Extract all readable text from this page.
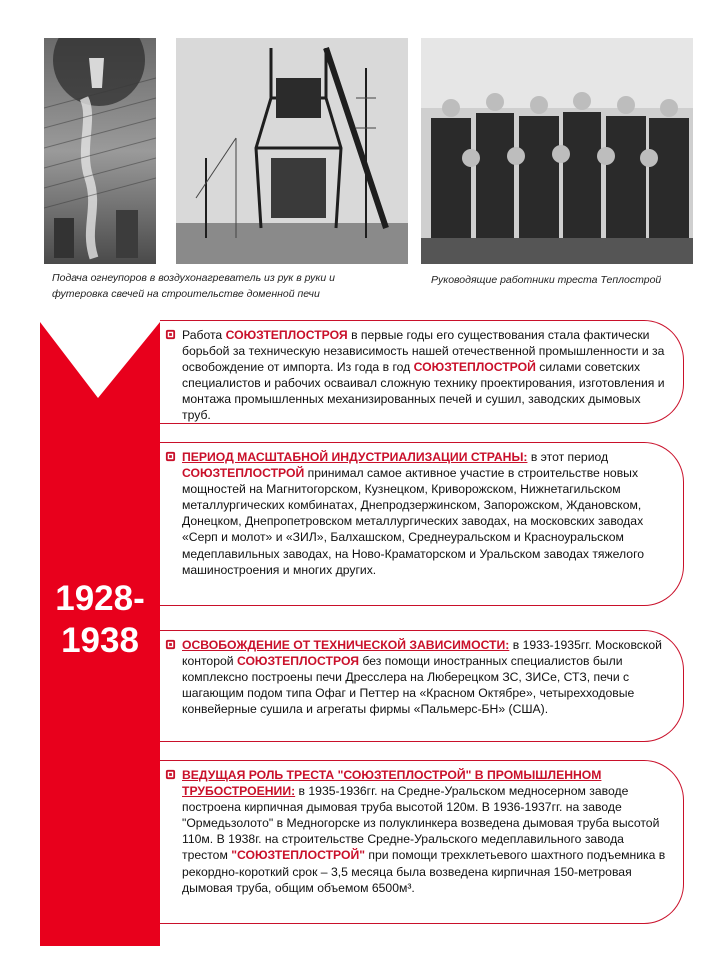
Подача огнеупоров в воздухонагреватель из рук в руки и футеровка свечей на строительстве доменной печи
Руководящие работники треста Теплострой
1928-
1938
Работа СОЮЗТЕПЛОСТРОЯ в первые годы его существования стала фактически борьбой за техническую независимость нашей отечественной промышленности и за освобождение от импорта. Из года в год СОЮЗТЕПЛОСТРОЙ силами советских специалистов и рабочих осваивал сложную технику проектирования, изготовления и монтажа промышленных механизированных печей и сушил, заводских дымовых труб.
ПЕРИОД МАСШТАБНОЙ ИНДУСТРИАЛИЗАЦИИ СТРАНЫ: в этот период СОЮЗТЕПЛОСТРОЙ принимал самое активное участие в строительстве новых мощностей на Магнитогорском, Кузнецком, Криворожском, Нижнетагильском металлургических комбинатах, Днепродзержинском, Запорожском, Ждановском, Донецком, Днепропетровском металлургических заводах, на московских заводах «Серп и молот» и «ЗИЛ», Балхашском, Среднеуральском и Красноуральском медеплавильных заводах, на Ново-Краматорском и Уральском заводах тяжелого машиностроения и многих других.
ОСВОБОЖДЕНИЕ ОТ ТЕХНИЧЕСКОЙ ЗАВИСИМОСТИ: в 1933-1935гг. Московской конторой СОЮЗТЕПЛОСТРОЯ без помощи иностранных специалистов были комплексно построены печи Дресслера на Люберецком ЗС, ЗИСе, СТЗ, печи с шагающим подом типа Офаг и Петтер на «Красном Октябре», четырехходовые конвейерные сушила и агрегаты фирмы «Пальмерс-БН» (США).
ВЕДУЩАЯ РОЛЬ ТРЕСТА "СОЮЗТЕПЛОСТРОЙ" В ПРОМЫШЛЕННОМ ТРУБОСТРОЕНИИ: в 1935-1936гг. на Средне-Уральском медносерном заводе построена кирпичная дымовая труба высотой 120м. В 1936-1937гг. на заводе "Ормедьзолото" в Медногорске из полуклинкера возведена дымовая труба высотой 110м. В 1938г. на строительстве Средне-Уральского медеплавильного завода трестом "СОЮЗТЕПЛОСТРОЙ" при помощи трехклетьевого шахтного подъемника в рекордно-короткий срок – 3,5 месяца была возведена кирпичная 150-метровая дымовая труба, общим объемом 6500м³.
